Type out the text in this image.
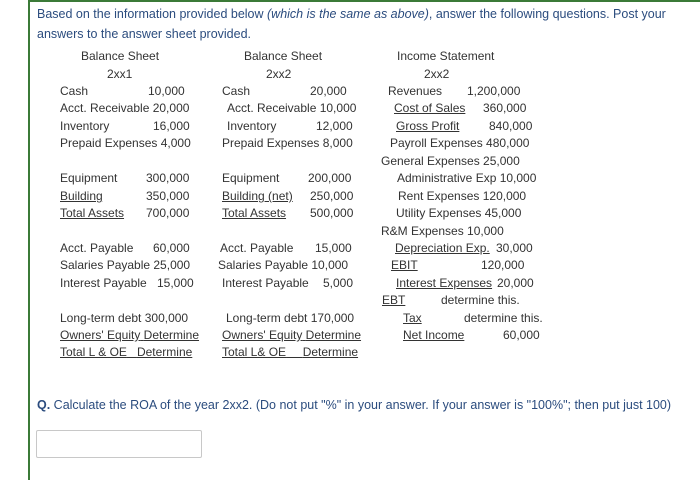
Based on the information provided below (which is the same as above), answer the following questions. Post your answers to the answer sheet provided.
Balance Sheet
2xx1
Cash	10,000
Acct. Receivable 20,000
Inventory	16,000
Prepaid Expenses 4,000
Equipment 300,000
Building	350,000
Total Assets 700,000
Acct. Payable 60,000
Salaries Payable 25,000
Interest Payable 15,000
Long-term debt 300,000
Owners' Equity Determine
Total L & OE Determine
Balance Sheet
2xx2
Cash	20,000
Acct. Receivable 10,000
Inventory	12,000
Prepaid Expenses 8,000
Equipment 200,000
Building (net) 250,000
Total Assets 500,000
Acct. Payable 15,000
Salaries Payable 10,000
Interest Payable 5,000
Long-term debt 170,000
Owners' Equity Determine
Total L& OE Determine
Income Statement
2xx2
Revenues 1,200,000
Cost of Sales 360,000
Gross Profit 840,000
Payroll Expenses 480,000
General Expenses 25,000
Administrative Exp 10,000
Rent Expenses 120,000
Utility Expenses 45,000
R&M Expenses 10,000
Depreciation Exp. 30,000
EBIT	120,000
Interest Expenses 20,000
EBT	determine this.
Tax	determine this.
Net Income	60,000
Q. Calculate the ROA of the year 2xx2. (Do not put "%" in your answer. If your answer is "100%"; then put just 100)
